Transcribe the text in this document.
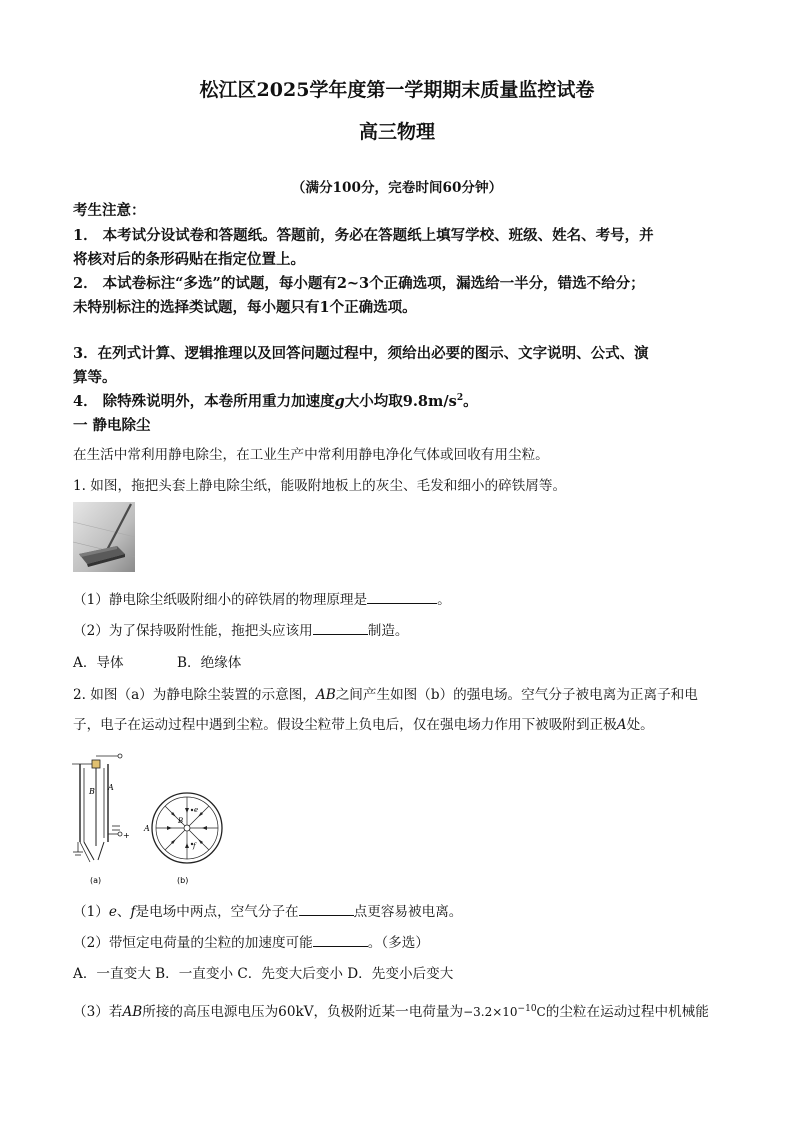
松江区2025学年度第一学期期末质量监控试卷
高三物理
（满分100分，完卷时间60分钟）
考生注意：
1． 本考试分设试卷和答题纸。答题前，务必在答题纸上填写学校、班级、姓名、考号，并
将核对后的条形码贴在指定位置上。
2． 本试卷标注“多选”的试题，每小题有2~3个正确选项，漏选给一半分，错选不给分；
未特别标注的选择类试题，每小题只有1个正确选项。
3．在列式计算、逻辑推理以及回答问题过程中，须给出必要的图示、文字说明、公式、演
算等。
4． 除特殊说明外，本卷所用重力加速度g大小均取$9.8m/s^2$。
一 静电除尘
在生活中常利用静电除尘，在工业生产中常利用静电净化气体或回收有用尘粒。
1. 如图，拖把头套上静电除尘纸，能吸附地板上的灰尘、毛发和细小的碎铁屑等。
（1）静电除尘纸吸附细小的碎铁屑的物理原理是	。
（2）为了保持吸附性能，拖把头应该用	制造。
A．导体	B．绝缘体
2. 如图（a）为静电除尘装置的示意图，AB之间产生如图（b）的强电场。空气分子被电离为正离子和电
子，电子在运动过程中遇到尘粒。假设尘粒带上负电后，仅在强电场力作用下被吸附到正极A处。
B A
+
(a)
e
f
B
A
(b)
（1）e、f是电场中两点，空气分子在	点更容易被电离。
（2）带恒定电荷量的尘粒的加速度可能	。（多选）
A．一直变大 B．一直变小 C．先变大后变小 D．先变小后变大
（3）若AB所接的高压电源电压为60kV，负极附近某一电荷量为$-3.2\times 10^{-10}C$的尘粒在运动过程中机械能
